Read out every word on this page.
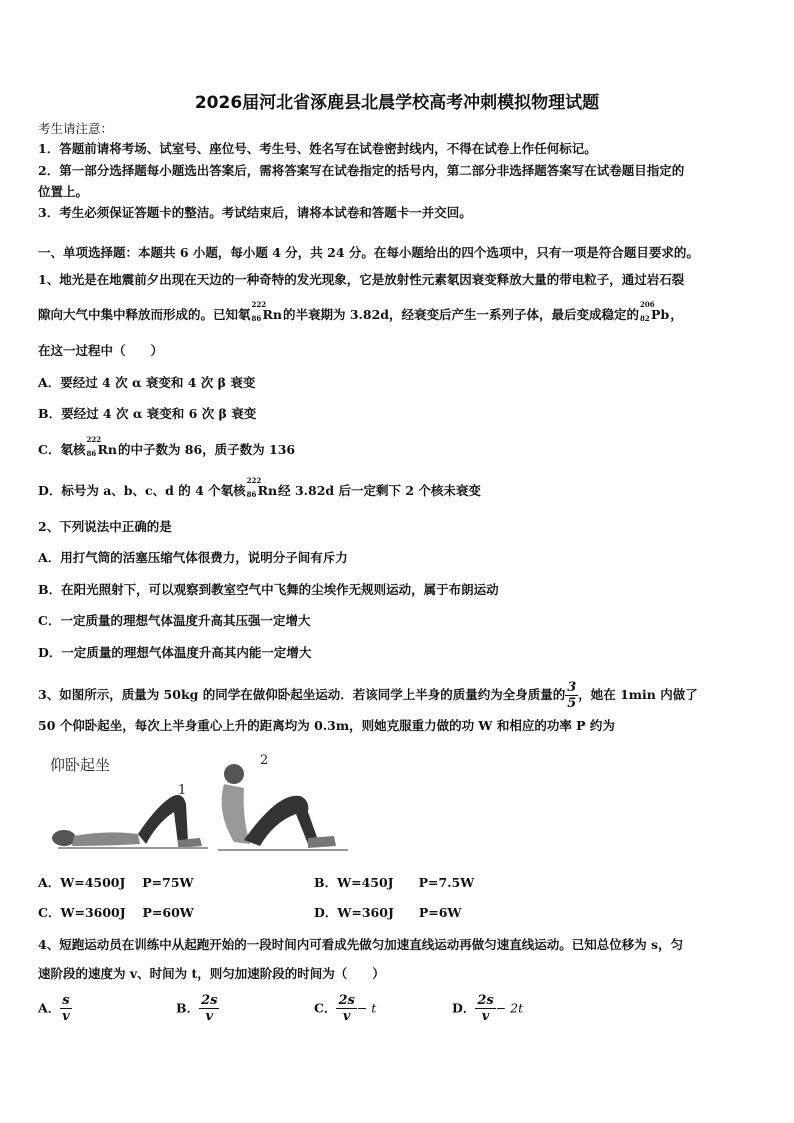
2026届河北省涿鹿县北晨学校高考冲刺模拟物理试题
考生请注意：
1．答题前请将考场、试室号、座位号、考生号、姓名写在试卷密封线内，不得在试卷上作任何标记。
2．第一部分选择题每小题选出答案后，需将答案写在试卷指定的括号内，第二部分非选择题答案写在试卷题目指定的
位置上。
3．考生必须保证答题卡的整洁。考试结束后，请将本试卷和答题卡一并交回。
一、单项选择题：本题共 6 小题，每小题 4 分，共 24 分。在每小题给出的四个选项中，只有一项是符合题目要求的。
1、地光是在地震前夕出现在天边的一种奇特的发光现象，它是放射性元素氡因衰变释放大量的带电粒子，通过岩石裂
隙向大气中集中释放而形成的。已知氡
222
86 Rn的半衰期为 3.82d，经衰变后产生一系列子体，最后变成稳定的
206
82 Pb，
在这一过程中（　　）
A．要经过 4 次 α 衰变和 4 次 β 衰变
B．要经过 4 次 α 衰变和 6 次 β 衰变
C．氡核
222
86 Rn的中子数为 86，质子数为 136
D．标号为 a、b、c、d 的 4 个氡核
222
86 Rn经 3.82d 后一定剩下 2 个核未衰变
2、下列说法中正确的是
A．用打气筒的活塞压缩气体很费力，说明分子间有斥力
B．在阳光照射下，可以观察到教室空气中飞舞的尘埃作无规则运动，属于布朗运动
C．一定质量的理想气体温度升高其压强一定增大
D．一定质量的理想气体温度升高其内能一定增大
3、如图所示，质量为 50kg 的同学在做仰卧起坐运动．若该同学上半身的质量约为全身质量的 $\frac{3}{5}$ ，她在 1min 内做了
50 个仰卧起坐，每次上半身重心上升的距离均为 0.3m，则她克服重力做的功 W 和相应的功率 P 约为
仰卧起坐
1
2
A．W=4500J　 P=75W	B．W=450J　　P=7.5W
C．W=3600J　 P=60W	D．W=360J　　P=6W
4、短跑运动员在训练中从起跑开始的一段时间内可看成先做匀加速直线运动再做匀速直线运动。已知总位移为 s，匀
速阶段的速度为 v、时间为 t，则匀加速阶段的时间为（　　）
A． $\frac{s}{v}$	B． $\frac{2s}{v}$	C． $\frac{2s}{v} - t$	D． $\frac{2s}{v} - 2t$
